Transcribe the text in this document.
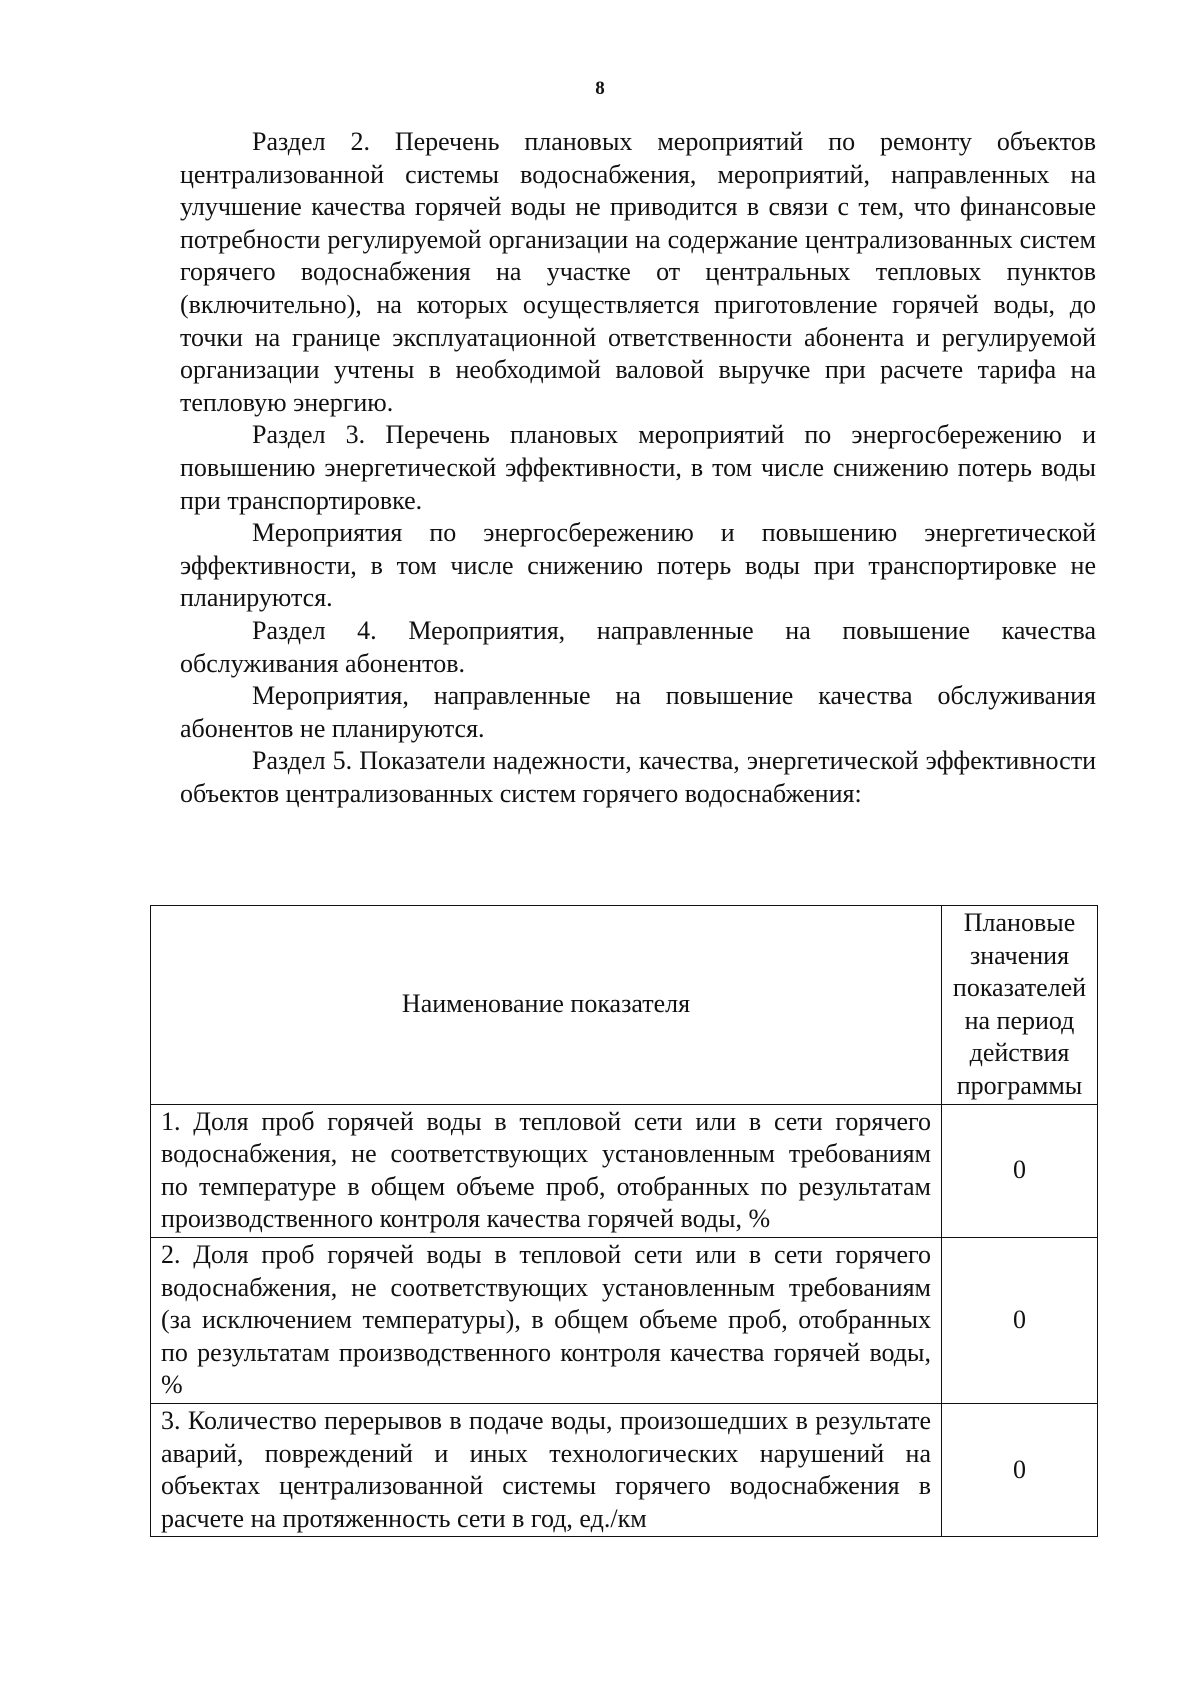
8

Раздел 2. Перечень плановых мероприятий по ремонту объектов централизованной системы водоснабжения, мероприятий, направленных на улучшение качества горячей воды не приводится в связи с тем, что финансовые потребности регулируемой организации на содержание централизованных систем горячего водоснабжения на участке от центральных тепловых пунктов (включительно), на которых осуществляется приготовление горячей воды, до точки на границе эксплуатационной ответственности абонента и регулируемой организации учтены в необходимой валовой выручке при расчете тарифа на тепловую энергию.

Раздел 3. Перечень плановых мероприятий по энергосбережению и повышению энергетической эффективности, в том числе снижению потерь воды при транспортировке.

Мероприятия по энергосбережению и повышению энергетической эффективности, в том числе снижению потерь воды при транспортировке не планируются.

Раздел 4. Мероприятия, направленные на повышение качества обслуживания абонентов.

Мероприятия, направленные на повышение качества обслуживания абонентов не планируются.

Раздел 5. Показатели надежности, качества, энергетической эффективности объектов централизованных систем горячего водоснабжения:

Наименование показателя	Плановые значения показателей на период действия программы
1. Доля проб горячей воды в тепловой сети или в сети горячего водоснабжения, не соответствующих установленным требованиям по температуре в общем объеме проб, отобранных по результатам производственного контроля качества горячей воды, %	0
2. Доля проб горячей воды в тепловой сети или в сети горячего водоснабжения, не соответствующих установленным требованиям (за исключением температуры), в общем объеме проб, отобранных по результатам производственного контроля качества горячей воды, %	0
3. Количество перерывов в подаче воды, произошедших в результате аварий, повреждений и иных технологических нарушений на объектах централизованной системы горячего водоснабжения в расчете на протяженность сети в год, ед./км	0
